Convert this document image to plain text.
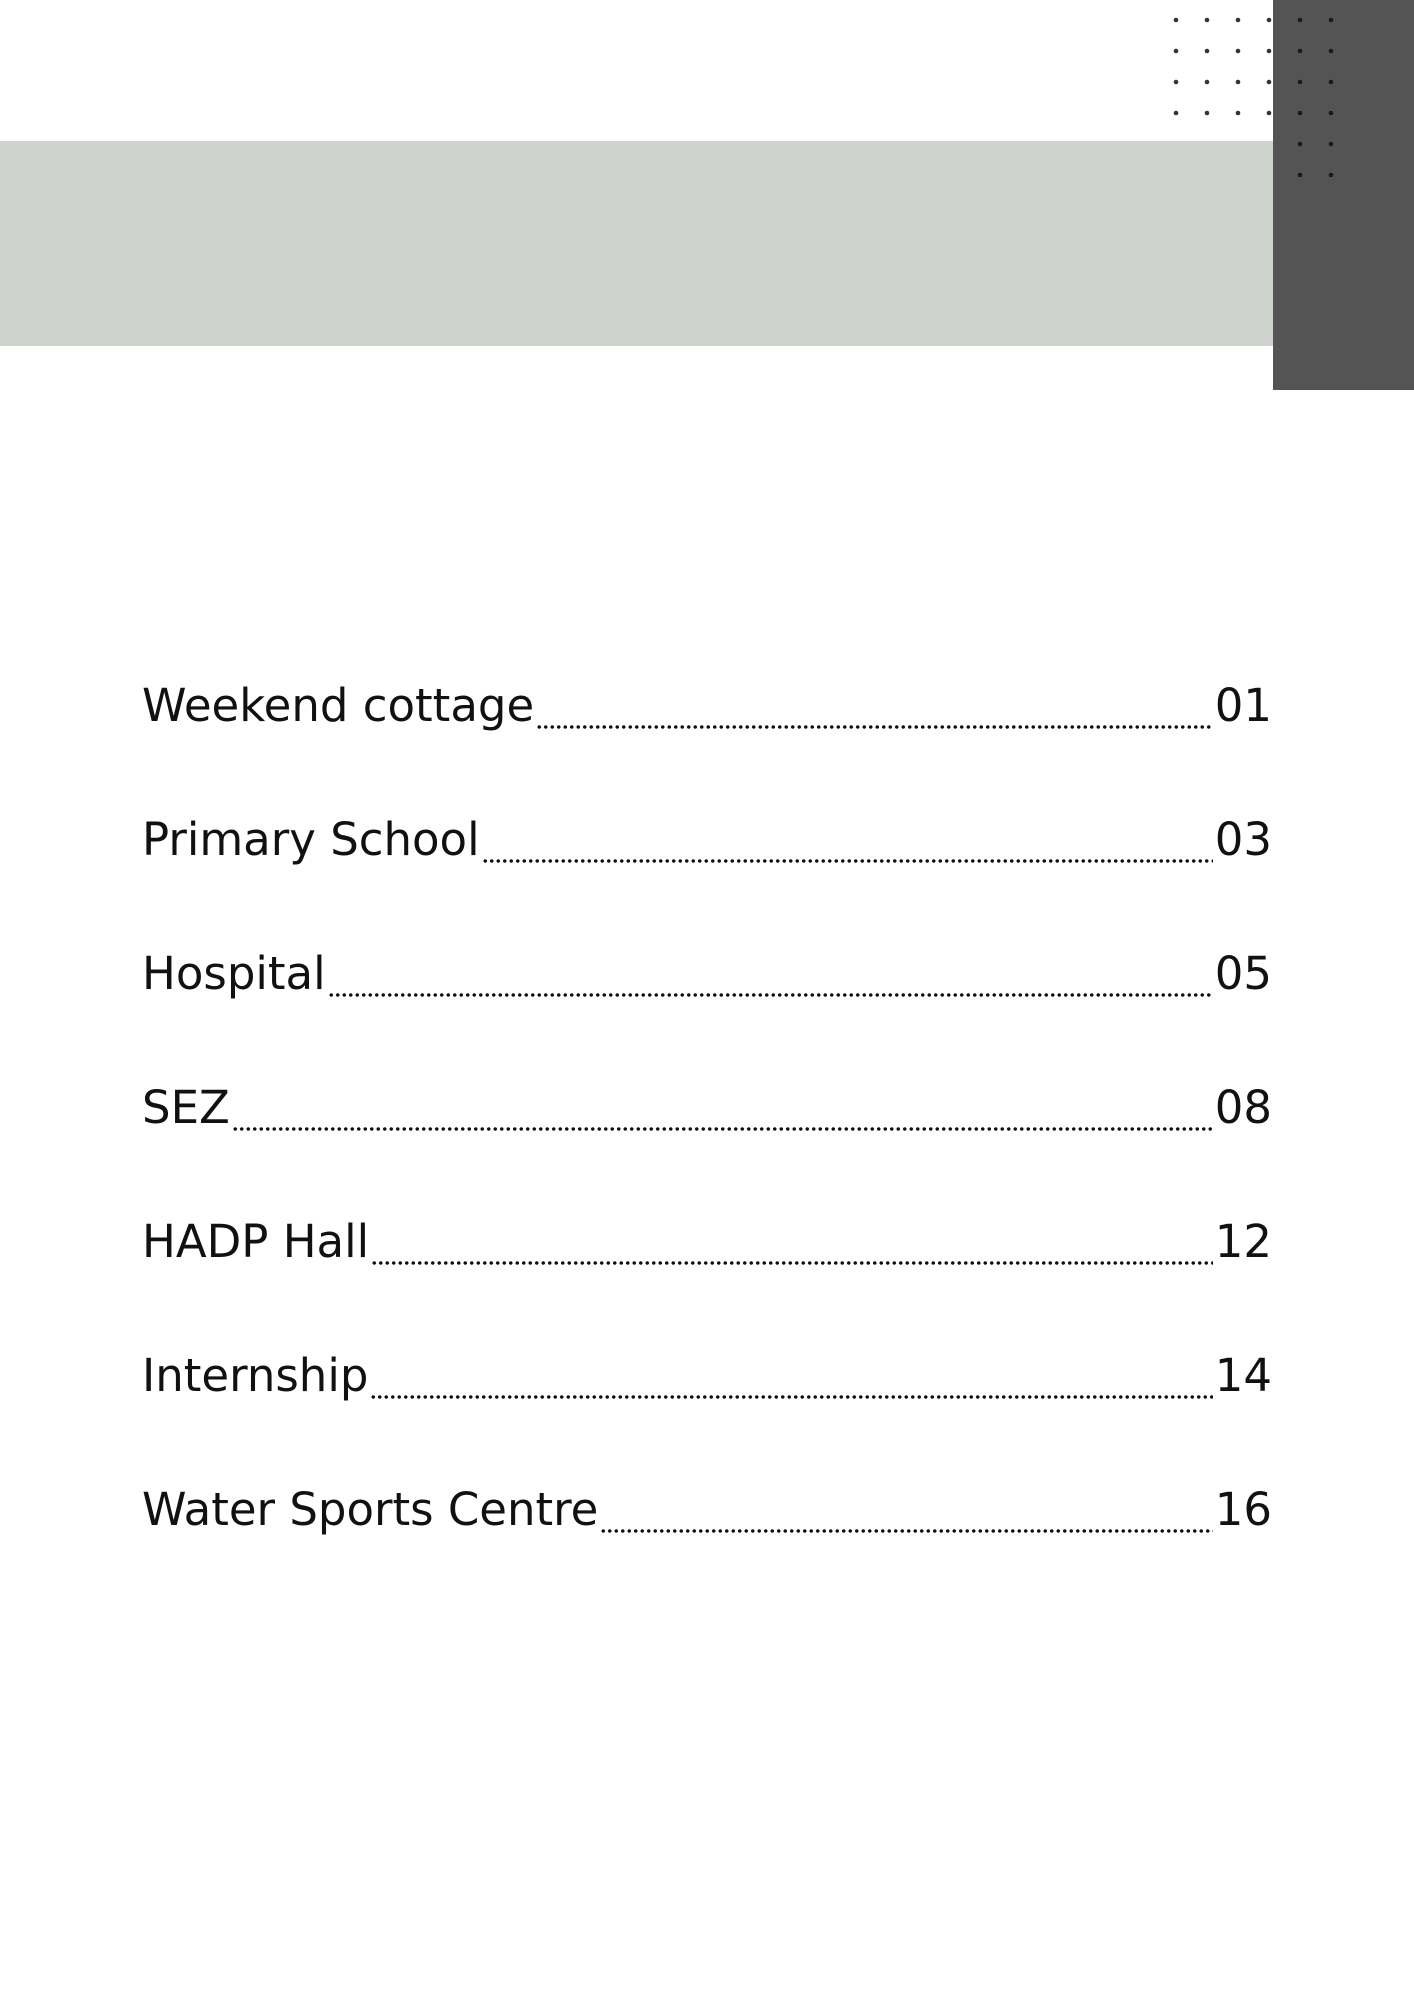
Weekend cottage	01
Primary School	03
Hospital	05
SEZ	08
HADP Hall	12
Internship	14
Water Sports Centre	16
